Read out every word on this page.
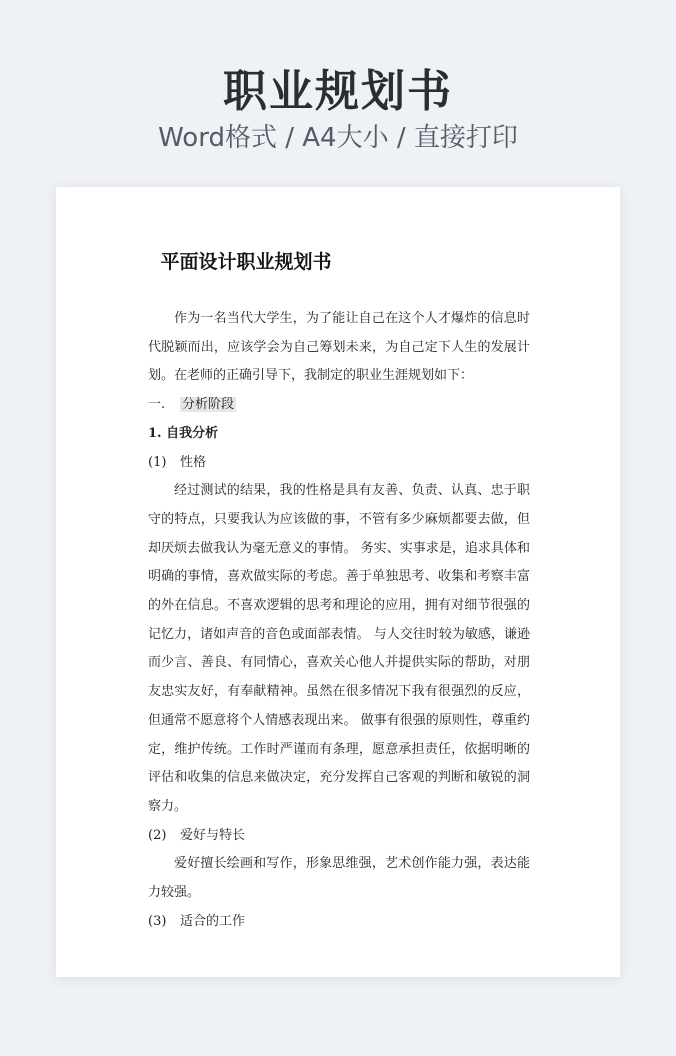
职业规划书
Word格式 / A4大小 / 直接打印
平面设计职业规划书

作为一名当代大学生，为了能让自己在这个人才爆炸的信息时代脱颖而出，应该学会为自己筹划未来，为自己定下人生的发展计划。在老师的正确引导下，我制定的职业生涯规划如下：

一. 分析阶段

1. 自我分析

(1) 性格

经过测试的结果，我的性格是具有友善、负责、认真、忠于职守的特点，只要我认为应该做的事，不管有多少麻烦都要去做，但却厌烦去做我认为毫无意义的事情。 务实、实事求是，追求具体和明确的事情，喜欢做实际的考虑。善于单独思考、收集和考察丰富的外在信息。不喜欢逻辑的思考和理论的应用，拥有对细节很强的记忆力，诸如声音的音色或面部表情。 与人交往时较为敏感，谦逊而少言、善良、有同情心，喜欢关心他人并提供实际的帮助，对朋友忠实友好，有奉献精神。虽然在很多情况下我有很强烈的反应，但通常不愿意将个人情感表现出来。 做事有很强的原则性，尊重约定，维护传统。工作时严谨而有条理，愿意承担责任，依据明晰的评估和收集的信息来做决定，充分发挥自己客观的判断和敏锐的洞察力。

(2) 爱好与特长

爱好擅长绘画和写作，形象思维强，艺术创作能力强，表达能力较强。

(3) 适合的工作
